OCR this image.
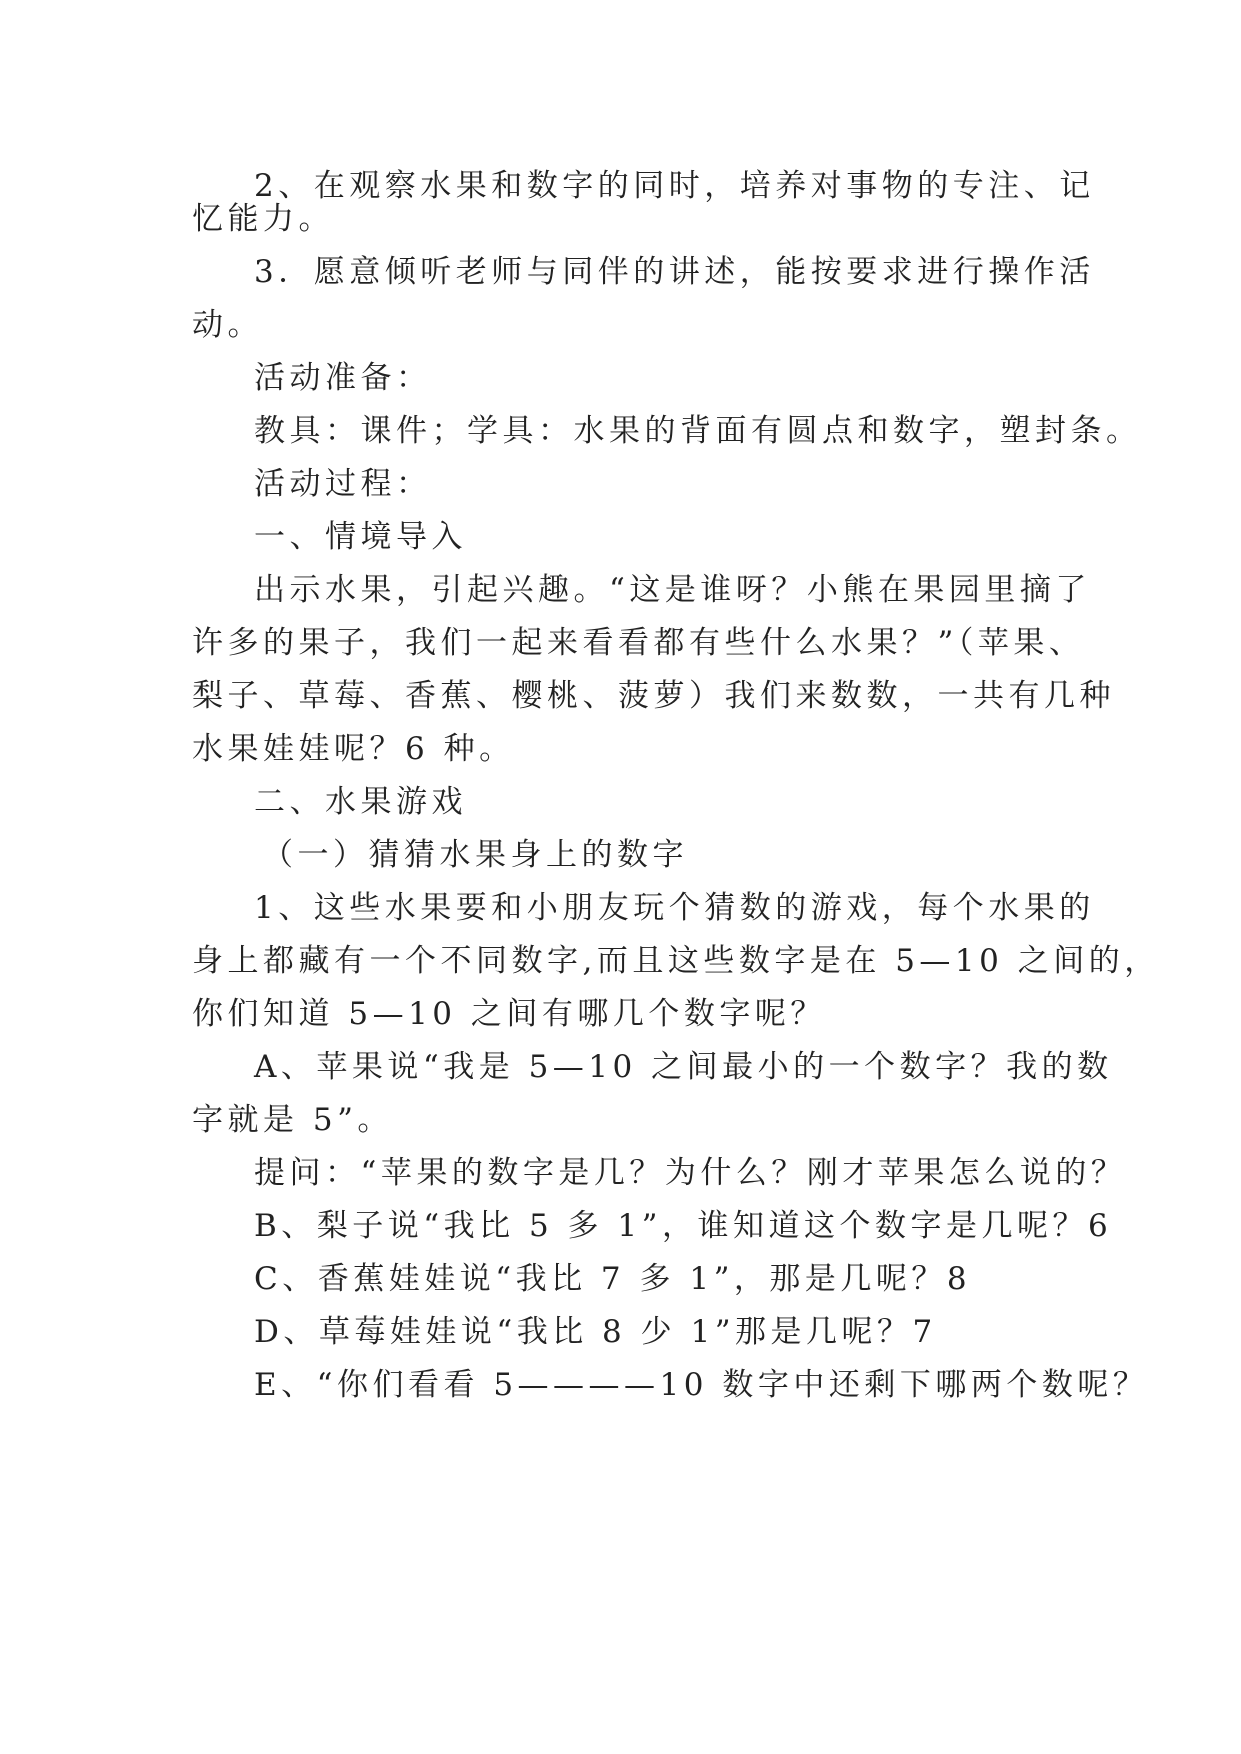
2、在观察水果和数字的同时，培养对事物的专注、记
忆能力。
3．愿意倾听老师与同伴的讲述，能按要求进行操作活
动。
活动准备：
教具：课件；学具：水果的背面有圆点和数字，塑封条。
活动过程：
一、情境导入
出示水果，引起兴趣。“这是谁呀？小熊在果园里摘了
许多的果子，我们一起来看看都有些什么水果？”（苹果、
梨子、草莓、香蕉、樱桃、菠萝）我们来数数，一共有几种
水果娃娃呢？6 种。
二、水果游戏
（一）猜猜水果身上的数字
1、这些水果要和小朋友玩个猜数的游戏，每个水果的
身上都藏有一个不同数字,而且这些数字是在 5—10 之间的，
你们知道 5—10 之间有哪几个数字呢？
A、苹果说“我是 5—10 之间最小的一个数字？我的数
字就是 5”。
提问：“苹果的数字是几？为什么？刚才苹果怎么说的？
B、梨子说“我比 5 多 1”，谁知道这个数字是几呢？6
C、香蕉娃娃说“我比 7 多 1”，那是几呢？8
D、草莓娃娃说“我比 8 少 1”那是几呢？7
E、“你们看看 5————10 数字中还剩下哪两个数呢？
